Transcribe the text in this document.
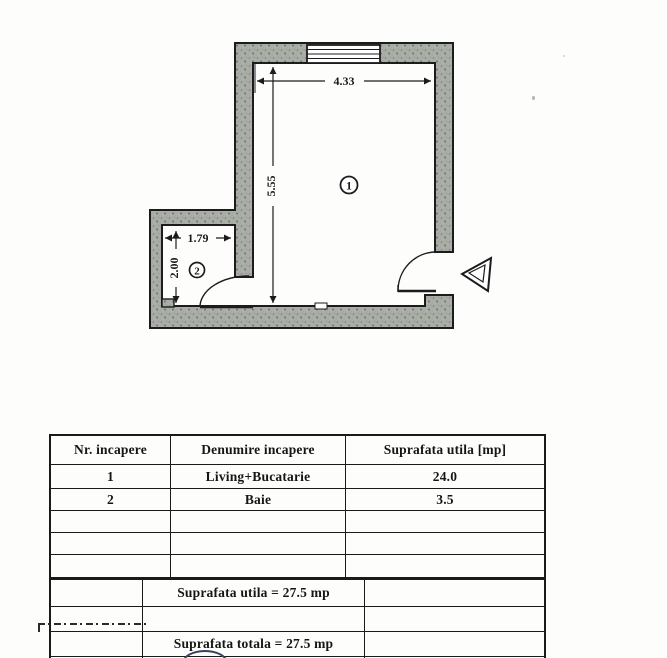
4.33
5.55
1.79
2.00
1
2
Nr. incapere	Denumire incapere	Suprafata utila [mp]
1	Living+Bucatarie	24.0
2	Baie	3.5
Suprafata utila = 27.5 mp
Suprafata totala = 27.5 mp
